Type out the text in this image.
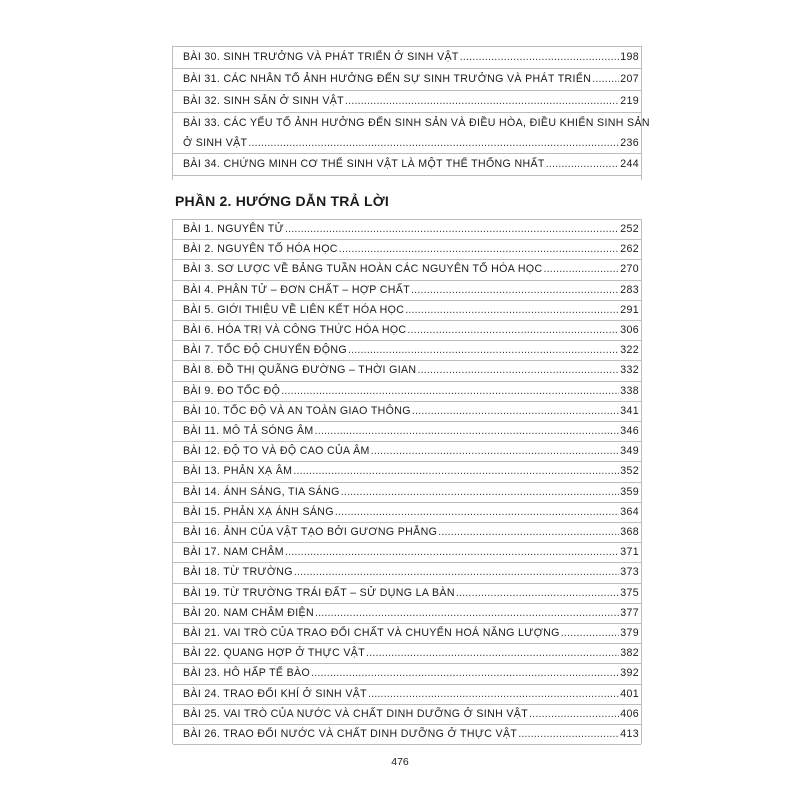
BÀI 30. SINH TRƯỞNG VÀ PHÁT TRIỂN Ở SINH VẬT .....	198
BÀI 31. CÁC NHÂN TỐ ẢNH HƯỞNG ĐẾN SỰ SINH TRƯỞNG VÀ PHÁT TRIỂN .....	207
BÀI 32. SINH SẢN Ở SINH VẬT .....	219
BÀI 33. CÁC YẾU TỐ ẢNH HƯỞNG ĐẾN SINH SẢN VÀ ĐIỀU HÒA, ĐIỀU KHIỂN SINH SẢN
Ở SINH VẬT .....	236
BÀI 34. CHỨNG MINH CƠ THỂ SINH VẬT LÀ MỘT THỂ THỐNG NHẤT .....	244
PHẦN 2. HƯỚNG DẪN TRẢ LỜI
BÀI 1. NGUYÊN TỬ .....	252
BÀI 2. NGUYÊN TỐ HÓA HỌC .....	262
BÀI 3. SƠ LƯỢC VỀ BẢNG TUẦN HOÀN CÁC NGUYÊN TỐ HÓA HỌC .....	270
BÀI 4. PHÂN TỬ – ĐƠN CHẤT – HỢP CHẤT .....	283
BÀI 5. GIỚI THIỆU VỀ LIÊN KẾT HÓA HỌC .....	291
BÀI 6. HÓA TRỊ VÀ CÔNG THỨC HÓA HỌC .....	306
BÀI 7. TỐC ĐỘ CHUYỂN ĐỘNG .....	322
BÀI 8. ĐỒ THỊ QUÃNG ĐƯỜNG – THỜI GIAN .....	332
BÀI 9. ĐO TỐC ĐỘ .....	338
BÀI 10. TỐC ĐỘ VÀ AN TOÀN GIAO THÔNG .....	341
BÀI 11. MÔ TẢ SÓNG ÂM .....	346
BÀI 12. ĐỘ TO VÀ ĐỘ CAO CỦA ÂM .....	349
BÀI 13. PHẢN XẠ ÂM .....	352
BÀI 14. ÁNH SÁNG, TIA SÁNG .....	359
BÀI 15. PHẢN XẠ ÁNH SÁNG .....	364
BÀI 16. ẢNH CỦA VẬT TẠO BỞI GƯƠNG PHẲNG .....	368
BÀI 17. NAM CHÂM .....	371
BÀI 18. TỪ TRƯỜNG .....	373
BÀI 19. TỪ TRƯỜNG TRÁI ĐẤT – SỬ DỤNG LA BÀN .....	375
BÀI 20. NAM CHÂM ĐIỆN .....	377
BÀI 21. VAI TRÒ CỦA TRAO ĐỔI CHẤT VÀ CHUYỂN HOÁ NĂNG LƯỢNG .....	379
BÀI 22. QUANG HỢP Ở THỰC VẬT .....	382
BÀI 23. HÔ HẤP TẾ BÀO .....	392
BÀI 24. TRAO ĐỔI KHÍ Ở SINH VẬT .....	401
BÀI 25. VAI TRÒ CỦA NƯỚC VÀ CHẤT DINH DƯỠNG Ở SINH VẬT .....	406
BÀI 26. TRAO ĐỔI NƯỚC VÀ CHẤT DINH DƯỠNG Ở THỰC VẬT .....	413
476
